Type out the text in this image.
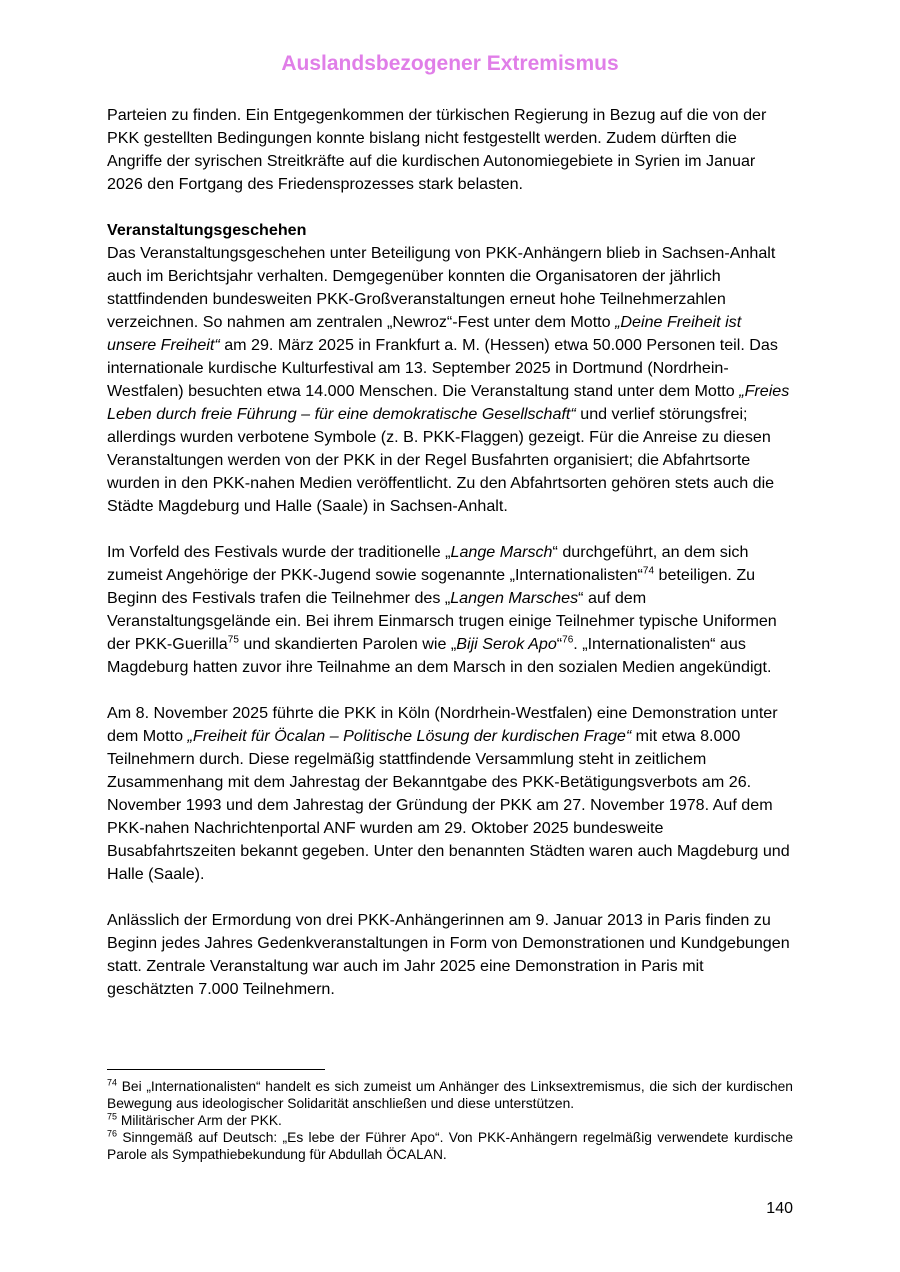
Auslandsbezogener Extremismus

Parteien zu finden. Ein Entgegenkommen der türkischen Regierung in Bezug auf die von der PKK gestellten Bedingungen konnte bislang nicht festgestellt werden. Zudem dürften die Angriffe der syrischen Streitkräfte auf die kurdischen Autonomiegebiete in Syrien im Januar 2026 den Fortgang des Friedensprozesses stark belasten.

Veranstaltungsgeschehen

Das Veranstaltungsgeschehen unter Beteiligung von PKK-Anhängern blieb in Sachsen-Anhalt auch im Berichtsjahr verhalten. Demgegenüber konnten die Organisatoren der jährlich stattfindenden bundesweiten PKK-Großveranstaltungen erneut hohe Teilnehmerzahlen verzeichnen. So nahmen am zentralen „Newroz“-Fest unter dem Motto „Deine Freiheit ist unsere Freiheit“ am 29. März 2025 in Frankfurt a. M. (Hessen) etwa 50.000 Personen teil. Das internationale kurdische Kulturfestival am 13. September 2025 in Dortmund (Nordrhein-Westfalen) besuchten etwa 14.000 Menschen. Die Veranstaltung stand unter dem Motto „Freies Leben durch freie Führung – für eine demokratische Gesellschaft“ und verlief störungsfrei; allerdings wurden verbotene Symbole (z. B. PKK-Flaggen) gezeigt. Für die Anreise zu diesen Veranstaltungen werden von der PKK in der Regel Busfahrten organisiert; die Abfahrtsorte wurden in den PKK-nahen Medien veröffentlicht. Zu den Abfahrtsorten gehören stets auch die Städte Magdeburg und Halle (Saale) in Sachsen-Anhalt.

Im Vorfeld des Festivals wurde der traditionelle „Lange Marsch“ durchgeführt, an dem sich zumeist Angehörige der PKK-Jugend sowie sogenannte „Internationalisten“$^{74}$ beteiligen. Zu Beginn des Festivals trafen die Teilnehmer des „Langen Marsches“ auf dem Veranstaltungsgelände ein. Bei ihrem Einmarsch trugen einige Teilnehmer typische Uniformen der PKK-Guerilla$^{75}$ und skandierten Parolen wie „Biji Serok Apo“$^{76}$. „Internationalisten“ aus Magdeburg hatten zuvor ihre Teilnahme an dem Marsch in den sozialen Medien angekündigt.

Am 8. November 2025 führte die PKK in Köln (Nordrhein-Westfalen) eine Demonstration unter dem Motto „Freiheit für Öcalan – Politische Lösung der kurdischen Frage“ mit etwa 8.000 Teilnehmern durch. Diese regelmäßig stattfindende Versammlung steht in zeitlichem Zusammenhang mit dem Jahrestag der Bekanntgabe des PKK-Betätigungsverbots am 26. November 1993 und dem Jahrestag der Gründung der PKK am 27. November 1978. Auf dem PKK-nahen Nachrichtenportal ANF wurden am 29. Oktober 2025 bundesweite Busabfahrtszeiten bekannt gegeben. Unter den benannten Städten waren auch Magdeburg und Halle (Saale).

Anlässlich der Ermordung von drei PKK-Anhängerinnen am 9. Januar 2013 in Paris finden zu Beginn jedes Jahres Gedenkveranstaltungen in Form von Demonstrationen und Kundgebungen statt. Zentrale Veranstaltung war auch im Jahr 2025 eine Demonstration in Paris mit geschätzten 7.000 Teilnehmern.

$^{74}$ Bei „Internationalisten“ handelt es sich zumeist um Anhänger des Linksextremismus, die sich der kurdischen Bewegung aus ideologischer Solidarität anschließen und diese unterstützen.

$^{75}$ Militärischer Arm der PKK.

$^{76}$ Sinngemäß auf Deutsch: „Es lebe der Führer Apo“. Von PKK-Anhängern regelmäßig verwendete kurdische Parole als Sympathiebekundung für Abdullah ÖCALAN.

140
